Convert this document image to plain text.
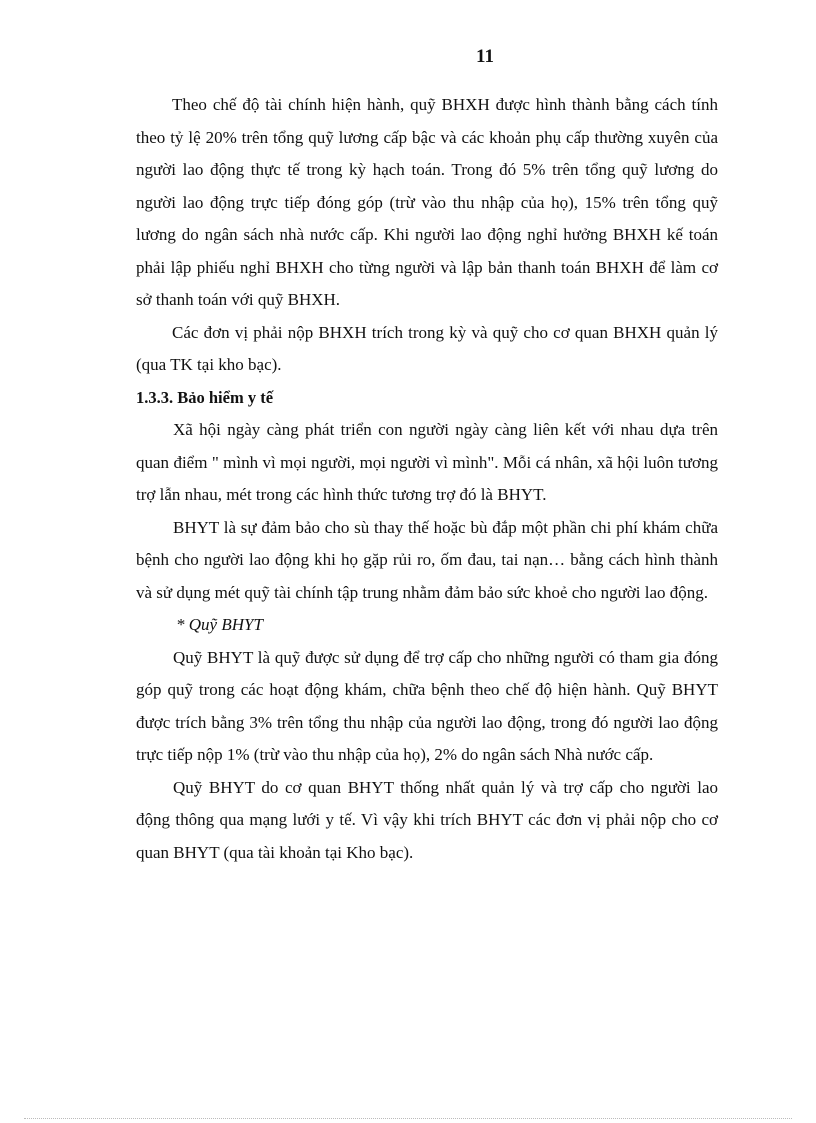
11

Theo chế độ tài chính hiện hành, quỹ BHXH được hình thành bằng cách tính theo tỷ lệ 20% trên tổng quỹ lương cấp bậc và các khoản phụ cấp thường xuyên của người lao động thực tế trong kỳ hạch toán. Trong đó 5% trên tổng quỹ lương do người lao động trực tiếp đóng góp (trừ vào thu nhập của họ), 15% trên tổng quỹ lương do ngân sách nhà nước cấp. Khi người lao động nghỉ hưởng BHXH kế toán phải lập phiếu nghỉ BHXH cho từng người và lập bản thanh toán BHXH để làm cơ sở thanh toán với quỹ BHXH.

Các đơn vị phải nộp BHXH trích trong kỳ và quỹ cho cơ quan BHXH quản lý (qua TK tại kho bạc).

1.3.3. Bảo hiểm y tế

Xã hội ngày càng phát triển con người ngày càng liên kết với nhau dựa trên quan điểm " mình vì mọi người, mọi người vì mình". Mỗi cá nhân, xã hội luôn tương trợ lẫn nhau, mét trong các hình thức tương trợ đó là BHYT.

BHYT là sự đảm bảo cho sù thay thế hoặc bù đắp một phần chi phí khám chữa bệnh cho người lao động khi họ gặp rủi ro, ốm đau, tai nạn… bằng cách hình thành và sử dụng mét quỹ tài chính tập trung nhằm đảm bảo sức khoẻ cho người lao động.

* Quỹ BHYT

Quỹ BHYT là quỹ được sử dụng để trợ cấp cho những người có tham gia đóng góp quỹ trong các hoạt động khám, chữa bệnh theo chế độ hiện hành. Quỹ BHYT được trích bằng 3% trên tổng thu nhập của người lao động, trong đó người lao động trực tiếp nộp 1% (trừ vào thu nhập của họ), 2% do ngân sách Nhà nước cấp.

Quỹ BHYT do cơ quan BHYT thống nhất quản lý và trợ cấp cho người lao động thông qua mạng lưới y tế. Vì vậy khi trích BHYT các đơn vị phải nộp cho cơ quan BHYT (qua tài khoản tại Kho bạc).
